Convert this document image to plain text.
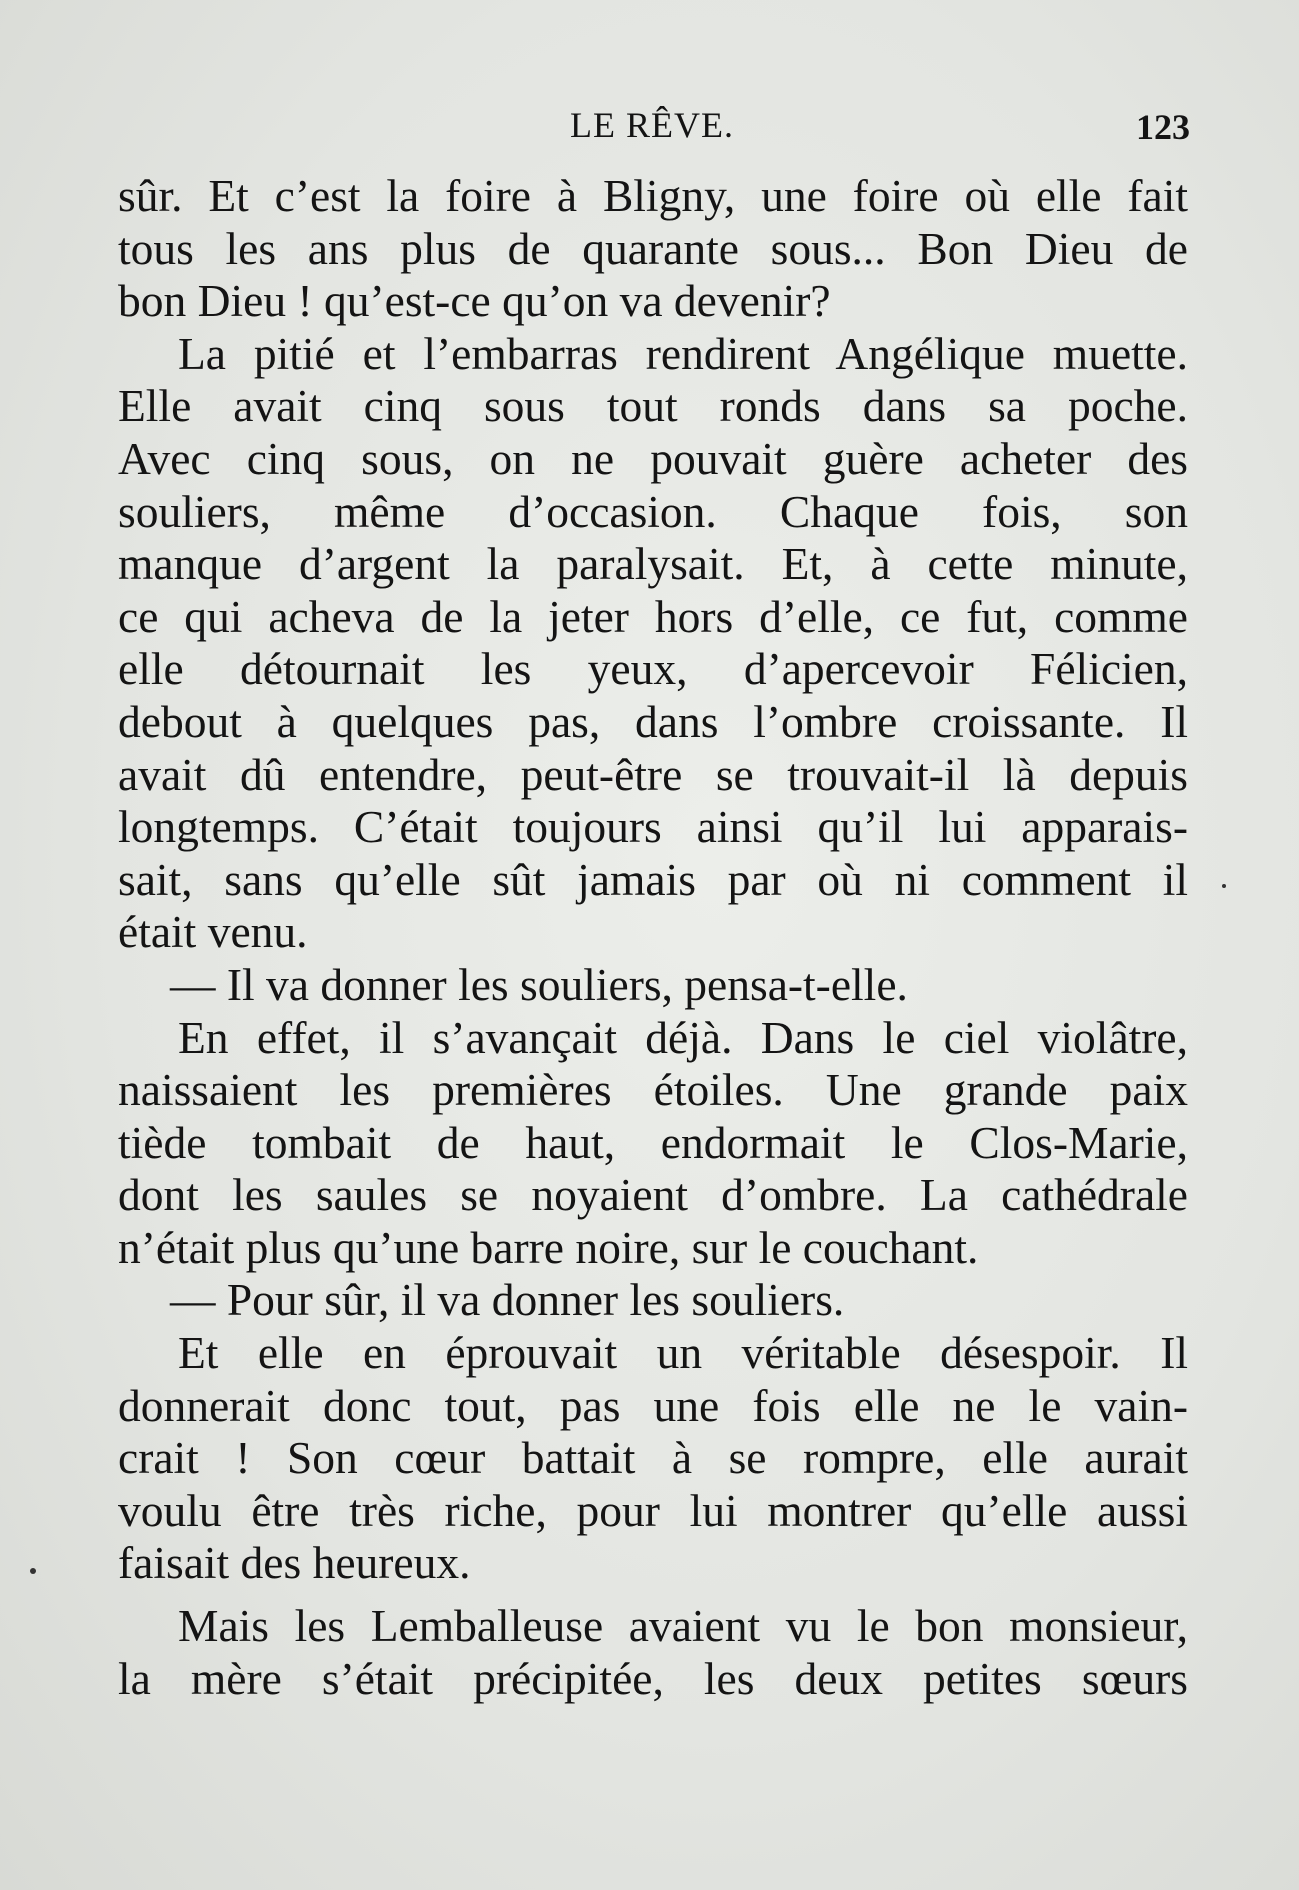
LE RÊVE.	123
sûr. Et c’est la foire à Bligny, une foire où elle fait
tous les ans plus de quarante sous... Bon Dieu de
bon Dieu ! qu’est-ce qu’on va devenir?
La pitié et l’embarras rendirent Angélique muette.
Elle avait cinq sous tout ronds dans sa poche.
Avec cinq sous, on ne pouvait guère acheter des
souliers, même d’occasion. Chaque fois, son
manque d’argent la paralysait. Et, à cette minute,
ce qui acheva de la jeter hors d’elle, ce fut, comme
elle détournait les yeux, d’apercevoir Félicien,
debout à quelques pas, dans l’ombre croissante. Il
avait dû entendre, peut-être se trouvait-il là depuis
longtemps. C’était toujours ainsi qu’il lui apparais-
sait, sans qu’elle sût jamais par où ni comment il
était venu.
— Il va donner les souliers, pensa-t-elle.
En effet, il s’avançait déjà. Dans le ciel violâtre,
naissaient les premières étoiles. Une grande paix
tiède tombait de haut, endormait le Clos-Marie,
dont les saules se noyaient d’ombre. La cathédrale
n’était plus qu’une barre noire, sur le couchant.
— Pour sûr, il va donner les souliers.
Et elle en éprouvait un véritable désespoir. Il
donnerait donc tout, pas une fois elle ne le vain-
crait ! Son cœur battait à se rompre, elle aurait
voulu être très riche, pour lui montrer qu’elle aussi
faisait des heureux.
Mais les Lemballeuse avaient vu le bon monsieur,
la mère s’était précipitée, les deux petites sœurs
